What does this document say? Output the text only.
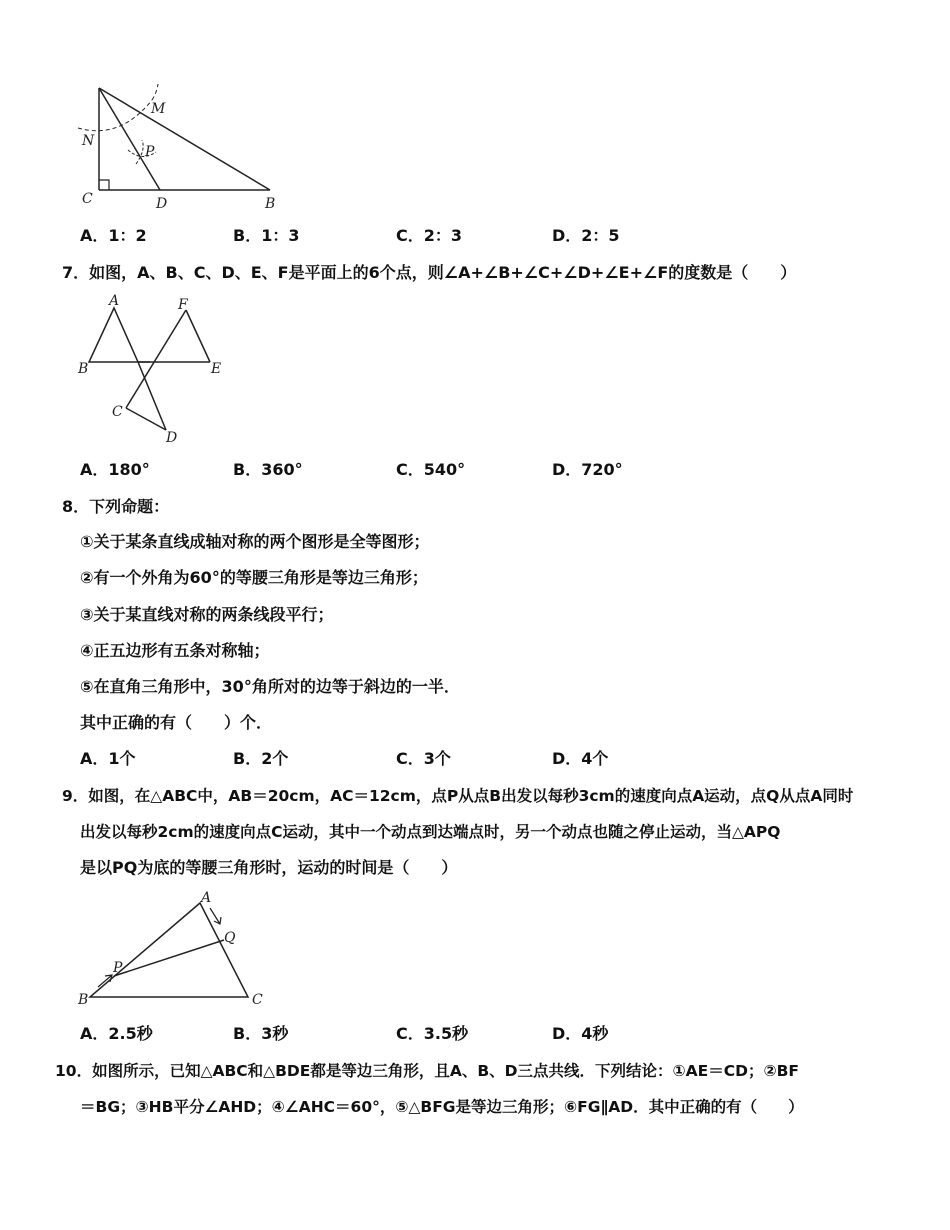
N
M
P
C	D	B
A	F
B	E
C
D
A
Q
P
B	C
A．1：2	B．1：3	C．2：3	D．2：5
7．如图，A、B、C、D、E、F是平面上的6个点，则∠A+∠B+∠C+∠D+∠E+∠F的度数是（　　）
A．180°	B．360°	C．540°	D．720°
8．下列命题：
①关于某条直线成轴对称的两个图形是全等图形；
②有一个外角为60°的等腰三角形是等边三角形；
③关于某直线对称的两条线段平行；
④正五边形有五条对称轴；
⑤在直角三角形中，30°角所对的边等于斜边的一半．
其中正确的有（　　）个．
A．1个	B．2个	C．3个	D．4个
9．如图，在△ABC中，AB＝20cm，AC＝12cm，点P从点B出发以每秒3cm的速度向点A运动，点Q从点A同时
出发以每秒2cm的速度向点C运动，其中一个动点到达端点时，另一个动点也随之停止运动，当△APQ
是以PQ为底的等腰三角形时，运动的时间是（　　）
A．2.5秒	B．3秒	C．3.5秒	D．4秒
10．如图所示，已知△ABC和△BDE都是等边三角形，且A、B、D三点共线．下列结论：①AE＝CD；②BF
＝BG；③HB平分∠AHD；④∠AHC＝60°，⑤△BFG是等边三角形；⑥FG∥AD．其中正确的有（　　）
